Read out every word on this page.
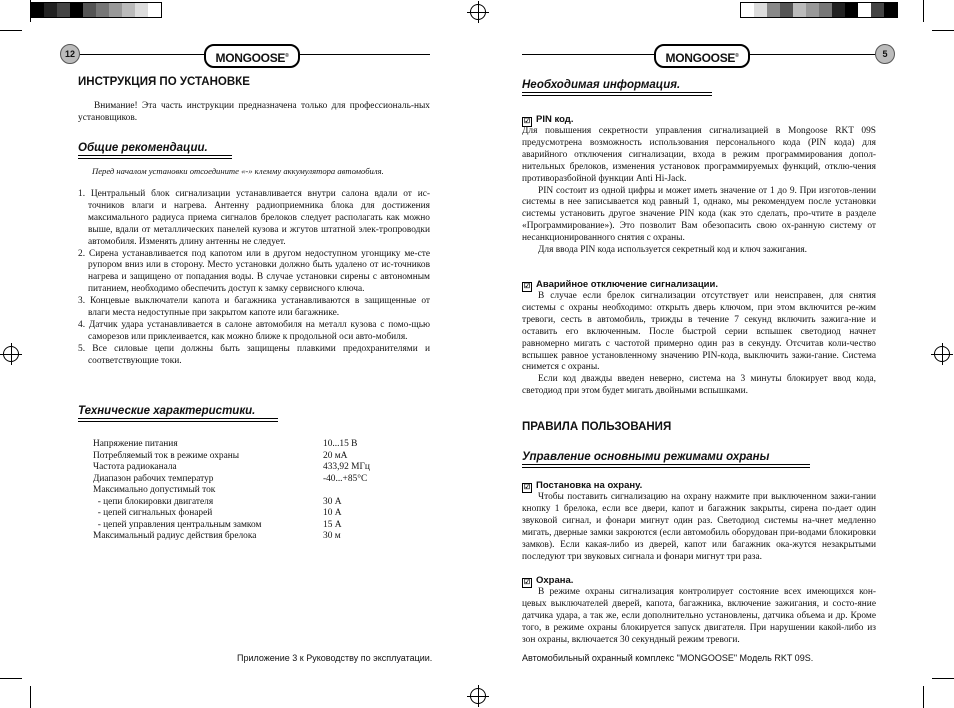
12	MONGOOSE®
ИНСТРУКЦИЯ ПО УСТАНОВКЕ

Внимание! Эта часть инструкции предназначена только для профессиональ-ных установщиков.

Общие рекомендации.

Перед началом установки отсоедините «-» клемму аккумулятора автомобиля.

1. Центральный блок сигнализации устанавливается внутри салона вдали от ис-точников влаги и нагрева. Антенну радиоприемника блока для достижения максимального радиуса приема сигналов брелоков следует располагать как можно выше, вдали от металлических панелей кузова и жгутов штатной элек-тропроводки автомобиля. Изменять длину антенны не следует.
2. Сирена устанавливается под капотом или в другом недоступном угонщику ме-сте рупором вниз или в сторону. Место установки должно быть удалено от ис-точников нагрева и защищено от попадания воды. В случае установки сирены с автономным питанием, необходимо обеспечить доступ к замку сервисного ключа.
3. Концевые выключатели капота и багажника устанавливаются в защищенные от влаги места недоступные при закрытом капоте или багажнике.
4. Датчик удара устанавливается в салоне автомобиля на металл кузова с помо-щью саморезов или приклеивается, как можно ближе к продольной оси авто-мобиля.
5. Все силовые цепи должны быть защищены плавкими предохранителями и соответствующие токи.
Технические характеристики.
Напряжение питания	10...15 В
Потребляемый ток в режиме охраны	20 мА
Частота радиоканала	433,92 МГц
Диапазон рабочих температур	-40...+85°С
Максимально допустимый ток
- цепи блокировки двигателя	30 А
- цепей сигнальных фонарей	10 А
- цепей управления центральным замком	15 А
Максимальный радиус действия брелока	30 м
Приложение 3 к Руководству по эксплуатации.
5
MONGOOSE®
Необходимая информация.
☑ PIN код.

Для повышения секретности управления сигнализацией в Mongoose RKT 09S предусмотрена возможность использования персонального кода (PIN кода) для аварийного отключения сигнализации, входа в режим программирования допол-нительных брелоков, изменения установок программируемых функций, отклю-чения противоразбойной функции Anti Hi-Jack.

PIN состоит из одной цифры и может иметь значение от 1 до 9. При изготов-лении системы в нее записывается код равный 1, однако, мы рекомендуем после установки системы установить другое значение PIN кода (как это сделать, про-чтите в разделе «Программирование»). Это позволит Вам обезопасить свою ох-ранную систему от несанкционированного снятия с охраны.

Для ввода PIN кода используется секретный код и ключ зажигания.

☑ Аварийное отключение сигнализации.

В случае если брелок сигнализации отсутствует или неисправен, для снятия системы с охраны необходимо: открыть дверь ключом, при этом включится ре-жим тревоги, сесть в автомобиль, трижды в течение 7 секунд включить зажига-ние и оставить его включенным. После быстрой серии вспышек светодиод начнет равномерно мигать с частотой примерно один раз в секунду. Отсчитав коли-чество вспышек равное установленному значению PIN-кода, выключить зажи-гание. Система снимется с охраны.

Если код дважды введен неверно, система на 3 минуты блокирует ввод кода, светодиод при этом будет мигать двойными вспышками.

ПРАВИЛА ПОЛЬЗОВАНИЯ
Управление основными режимами охраны
☑ Постановка на охрану.

Чтобы поставить сигнализацию на охрану нажмите при выключенном зажи-гании кнопку 1 брелока, если все двери, капот и багажник закрыты, сирена по-дает один звуковой сигнал, и фонари мигнут один раз. Светодиод системы на-чнет медленно мигать, дверные замки закроются (если автомобиль оборудован при-водами блокировки замков). Если какая-либо из дверей, капот или багажник ока-жутся незакрытыми последуют три звуковых сигнала и фонари мигнут три раза.

☑ Охрана.

В режиме охраны сигнализация контролирует состояние всех имеющихся кон-цевых выключателей дверей, капота, багажника, включение зажигания, и состо-яние датчика удара, а так же, если дополнительно установлены, датчика объема и др. Кроме того, в режиме охраны блокируется запуск двигателя. При нарушении какой-либо из зон охраны, включается 30 секундный режим тревоги.

Автомобильный охранный комплекс "MONGOOSE" Модель RKT 09S.
